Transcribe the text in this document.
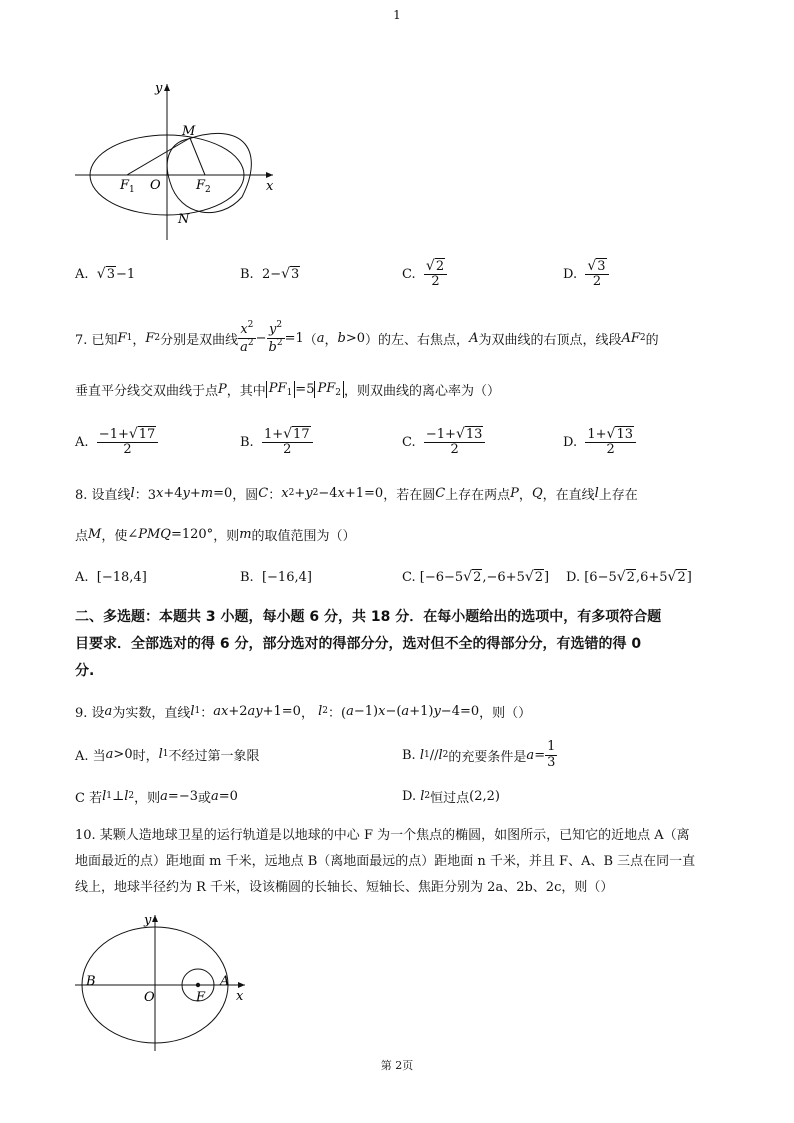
1
y
x
M
N
F 1 O	F 2
A.
√ 3 −1	B.
2− √ 3	C.
$\frac{√2}{2}$	D.
$\frac{√3}{2}$
7. 已知 F 1 ， F 2 分别是双曲线 $\frac{x^2}{a^2} - \frac{y^2}{b^2} =1$ （ a ， b >0 ）的左、右焦点， A 为双曲线的右顶点，线段 AF 2 的
垂直平分线交双曲线于点 P ，其中 $PF_1 =5$ $PF_2$ ，则双曲线的离心率为（）
A.
$\frac{-1+√17}{2}$	B.
$\frac{1+√17}{2}$	C.
$\frac{-1+√13}{2}$	D.
$\frac{1+√13}{2}$
8. 设直线 l ：3 x +4 y + m =0 ，圆 C ： x 2 + y 2 −4 x +1=0 ，若在圆 C 上存在两点 P ， Q ，在直线 l 上存在
点 M ，使 ∠ PMQ =120° ，则 m 的取值范围为（）
A.
[−18,4]	B.
[−16,4]	C.
[−6−5 √ 2 ,−6+5 √ 2 ] D.
[6−5 √ 2 ,6+5 √ 2 ]
二、多选题：本题共 3 小题，每小题 6 分，共 18 分．在每小题给出的选项中，有多项符合题
目要求．全部选对的得 6 分，部分选对的得部分分，选对但不全的得部分分，有选错的得 0
分.
9. 设 a 为实数，直线 l 1 ： ax +2 ay +1=0 ，
l 2 ：( a −1) x −( a +1) y −4=0 ，则（）
A. 当 a >0 时， l 1 不经过第一象限	B.
l 1 // l 2 的充要条件是 $a = \frac{1}{3}$
C 若 l 1 ⊥ l 2 ，则 a =−3 或 a =0	D.
l 2 恒过点 (2,2)
10. 某颗人造地球卫星的运行轨道是以地球的中心 F 为一个焦点的椭圆，如图所示，已知它的近地点 A（离
地面最近的点）距地面 m 千米，远地点 B（离地面最远的点）距地面 n 千米，并且 F、A、B 三点在同一直
线上，地球半径约为 R 千米，设该椭圆的长轴长、短轴长、焦距分别为 2a、2b、2c，则（）
y
x
B	A
O	F
第 2页
